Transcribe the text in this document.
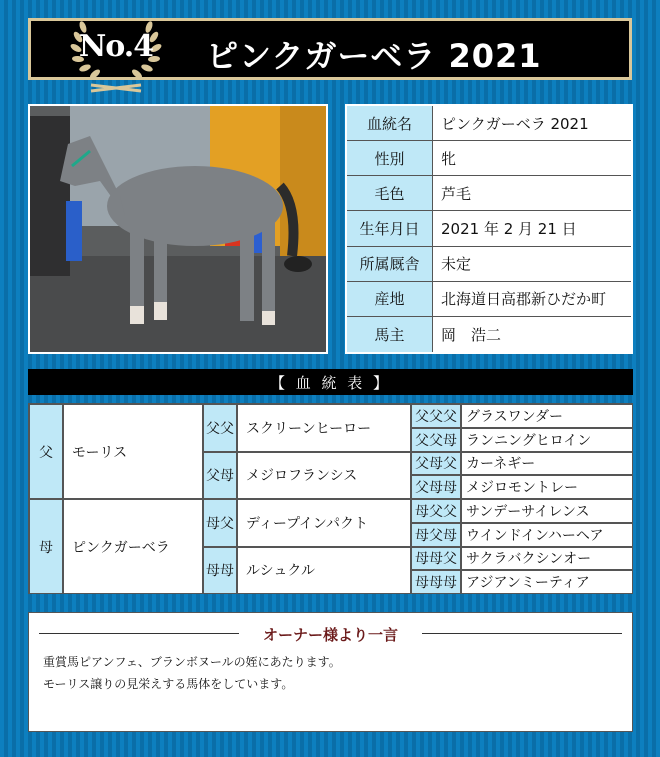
No.4	ピンクガーベラ 2021
血統名	ピンクガーベラ 2021
性別	牝
毛色	芦毛
生年月日	2021 年 2 月 21 日
所属厩舎	未定
産地	北海道日高郡新ひだか町
馬主	岡　浩二
【 血 統 表 】
父	モーリス
母	ピンクガーベラ
父父 スクリーンヒーロー
父母 メジロフランシス
母父 ディープインパクト
母母 ルシュクル
父父父 グラスワンダー
父父母 ランニングヒロイン
父母父 カーネギー
父母母 メジロモントレー
母父父 サンデーサイレンス
母父母 ウインドインハーヘア
母母父 サクラバクシンオー
母母母 アジアンミーティア
オーナー様より一言
重賞馬ピアンフェ、ブランボヌールの姪にあたります。
モーリス譲りの見栄えする馬体をしています。
